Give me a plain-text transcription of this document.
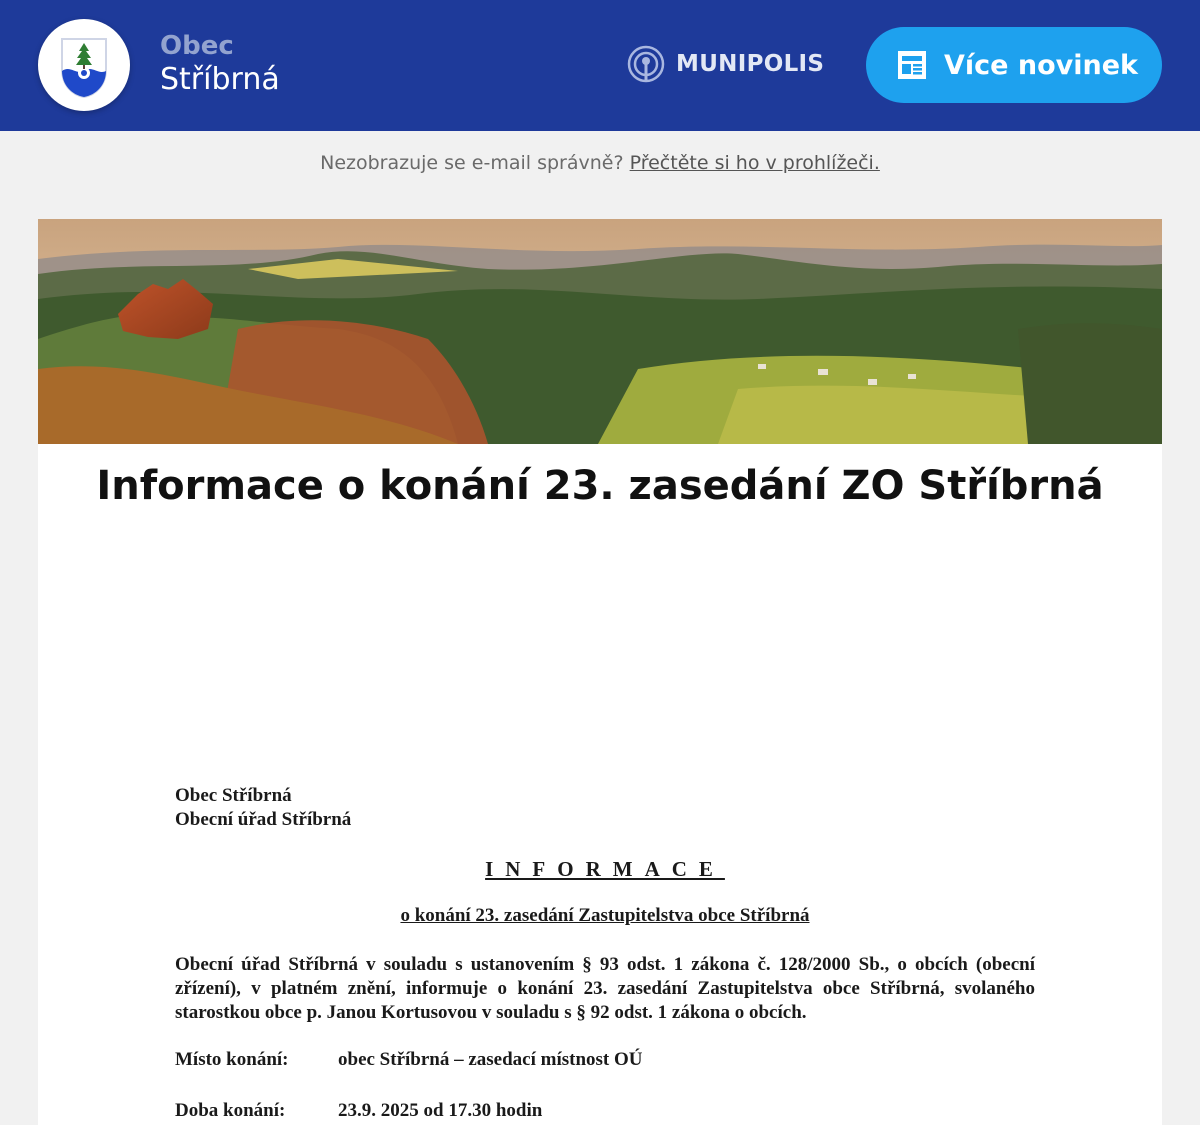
Obec
Stříbrná	MUNIPOLIS	Více novinek
Nezobrazuje se e-mail správně? Přečtěte si ho v prohlížeči.
Informace o konání 23. zasedání ZO Stříbrná
Obec Stříbrná
Obecní úřad Stříbrná
INFORMACE
o konání 23. zasedání Zastupitelstva obce Stříbrná
Obecní úřad Stříbrná v souladu s ustanovením § 93 odst. 1 zákona č. 128/2000 Sb., o obcích (obecní zřízení), v platném znění, informuje o konání 23. zasedání Zastupitelstva obce Stříbrná, svolaného starostkou obce p. Janou Kortusovou v souladu s § 92 odst. 1 zákona o obcích.
Místo konání:	obec Stříbrná – zasedací místnost OÚ
Doba konání:	23.9. 2025 od 17.30 hodin
